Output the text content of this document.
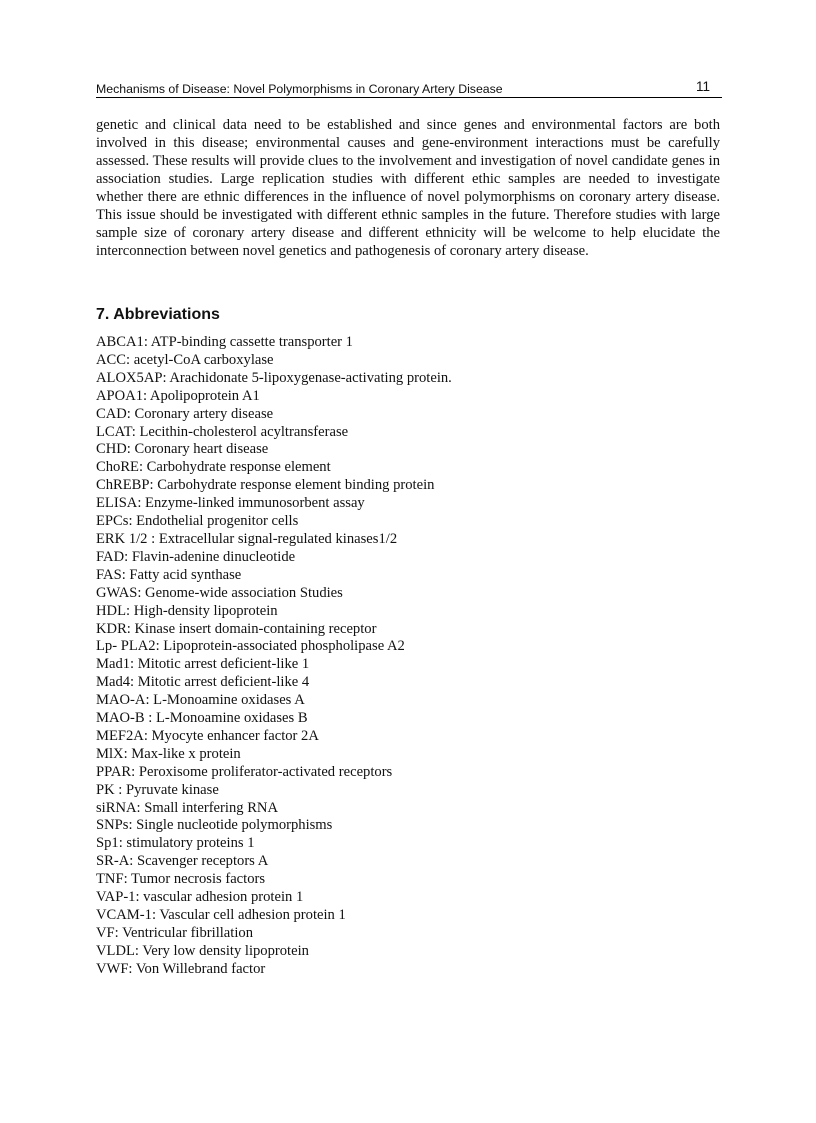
Mechanisms of Disease: Novel Polymorphisms in Coronary Artery Disease	11

genetic and clinical data need to be established and since genes and environmental factors are both involved in this disease; environmental causes and gene-environment interactions must be carefully assessed. These results will provide clues to the involvement and investigation of novel candidate genes in association studies. Large replication studies with different ethic samples are needed to investigate whether there are ethnic differences in the influence of novel polymorphisms on coronary artery disease. This issue should be investigated with different ethnic samples in the future. Therefore studies with large sample size of coronary artery disease and different ethnicity will be welcome to help elucidate the interconnection between novel genetics and pathogenesis of coronary artery disease.

7. Abbreviations
ABCA1: ATP-binding cassette transporter 1
ACC: acetyl-CoA carboxylase
ALOX5AP: Arachidonate 5-lipoxygenase-activating protein.
APOA1: Apolipoprotein A1
CAD: Coronary artery disease
LCAT: Lecithin-cholesterol acyltransferase
CHD: Coronary heart disease
ChoRE: Carbohydrate response element
ChREBP: Carbohydrate response element binding protein
ELISA: Enzyme-linked immunosorbent assay
EPCs: Endothelial progenitor cells
ERK 1/2 : Extracellular signal-regulated kinases1/2
FAD: Flavin-adenine dinucleotide
FAS: Fatty acid synthase
GWAS: Genome-wide association Studies
HDL: High-density lipoprotein
KDR: Kinase insert domain-containing receptor
Lp- PLA2: Lipoprotein-associated phospholipase A2
Mad1: Mitotic arrest deficient-like 1
Mad4: Mitotic arrest deficient-like 4
MAO-A: L-Monoamine oxidases A
MAO-B : L-Monoamine oxidases B
MEF2A: Myocyte enhancer factor 2A
MlX: Max-like x protein
PPAR: Peroxisome proliferator-activated receptors
PK : Pyruvate kinase
siRNA: Small interfering RNA
SNPs: Single nucleotide polymorphisms
Sp1: stimulatory proteins 1
SR-A: Scavenger receptors A
TNF: Tumor necrosis factors
VAP-1: vascular adhesion protein 1
VCAM-1: Vascular cell adhesion protein 1
VF: Ventricular fibrillation
VLDL: Very low density lipoprotein
VWF: Von Willebrand factor
